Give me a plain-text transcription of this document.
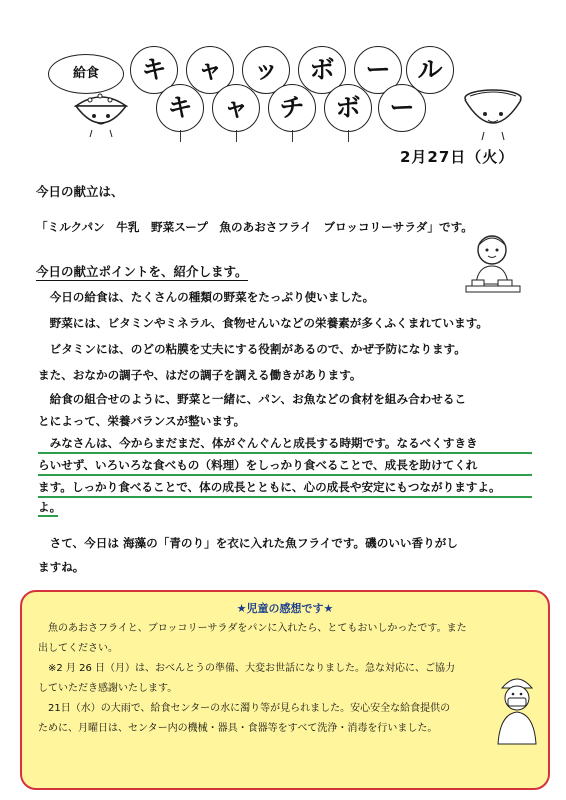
給食	キ	ャ	ッ	ボ	ー	ル
キ	ャ	チ	ボ	ー
2月27日（火）
今日の献立は、
「ミルクパン　牛乳　野菜スープ　魚のあおさフライ　ブロッコリーサラダ」です。
今日の献立ポイントを、紹介します。
　今日の給食は、たくさんの種類の野菜をたっぷり使いました。
　野菜には、ビタミンやミネラル、食物せんいなどの栄養素が多くふくまれています。
　ビタミンには、のどの粘膜を丈夫にする役割があるので、かぜ予防になります。
また、おなかの調子や、はだの調子を調える働きがあります。
　給食の組合せのように、野菜と一緒に、パン、お魚などの食材を組み合わせるこ
とによって、栄養バランスが整います。
　みなさんは、今からまだまだ、体がぐんぐんと成長する時期です。なるべくすきき
らいせず、いろいろな食べもの（料理）をしっかり食べることで、成長を助けてくれ
ます。しっかり食べることで、体の成長とともに、心の成長や安定にもつながりますよ。
よ。
　さて、今日は 海藻の「青のり」を衣に入れた魚フライです。磯のいい香りがし
ますね。
★児童の感想です★
　魚のあおさフライと、ブロッコリーサラダをパンに入れたら、とてもおいしかったです。また
出してください。
　※2 月 26 日（月）は、おべんとうの準備、大変お世話になりました。急な対応に、ご協力
していただき感謝いたします。
　21日（水）の大雨で、給食センターの水に濁り等が見られました。安心安全な給食提供の
ために、月曜日は、センター内の機械・器具・食器等をすべて洗浄・消毒を行いました。
